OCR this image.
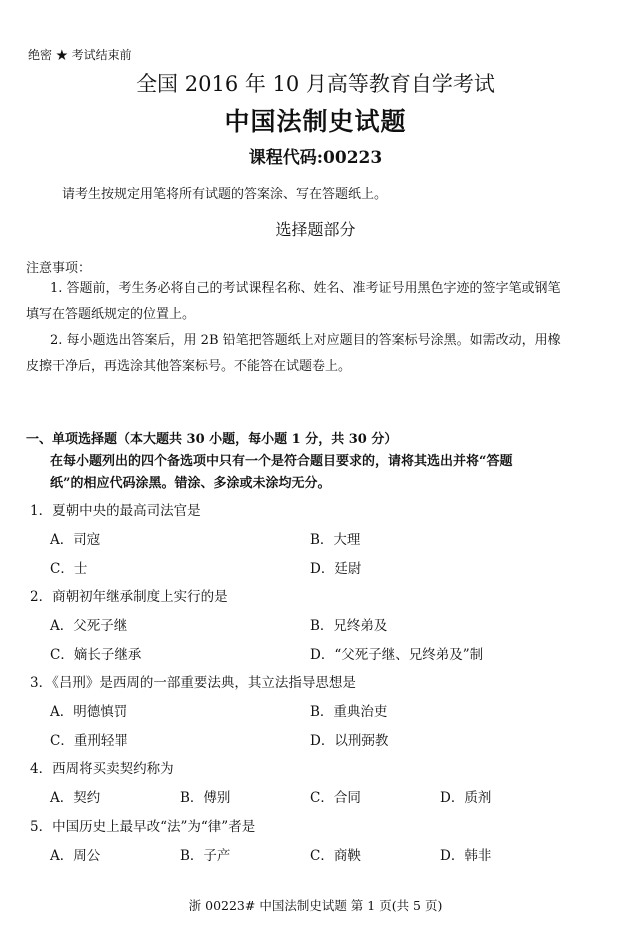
绝密 ★ 考试结束前
全国 2016 年 10 月高等教育自学考试
中国法制史试题
课程代码:00223
请考生按规定用笔将所有试题的答案涂、写在答题纸上。
选择题部分
注意事项：
1. 答题前，考生务必将自己的考试课程名称、姓名、准考证号用黑色字迹的签字笔或钢笔
填写在答题纸规定的位置上。
2. 每小题选出答案后，用 2B 铅笔把答题纸上对应题目的答案标号涂黑。如需改动，用橡
皮擦干净后，再选涂其他答案标号。不能答在试题卷上。
一、单项选择题（本大题共 30 小题，每小题 1 分，共 30 分）
在每小题列出的四个备选项中只有一个是符合题目要求的，请将其选出并将“答题
纸”的相应代码涂黑。错涂、多涂或未涂均无分。
1．夏朝中央的最高司法官是
A．司寇	B．大理
C．士	D．廷尉
2．商朝初年继承制度上实行的是
A．父死子继	B．兄终弟及
C．嫡长子继承	D．“父死子继、兄终弟及”制
3．《吕刑》是西周的一部重要法典，其立法指导思想是
A．明德慎罚	B．重典治吏
C．重刑轻罪	D．以刑弼教
4．西周将买卖契约称为
A．契约	B．傅别	C．合同	D．质剂
5．中国历史上最早改“法”为“律”者是
A．周公	B．子产	C．商鞅	D．韩非
浙 00223# 中国法制史试题 第 1 页(共 5 页)
